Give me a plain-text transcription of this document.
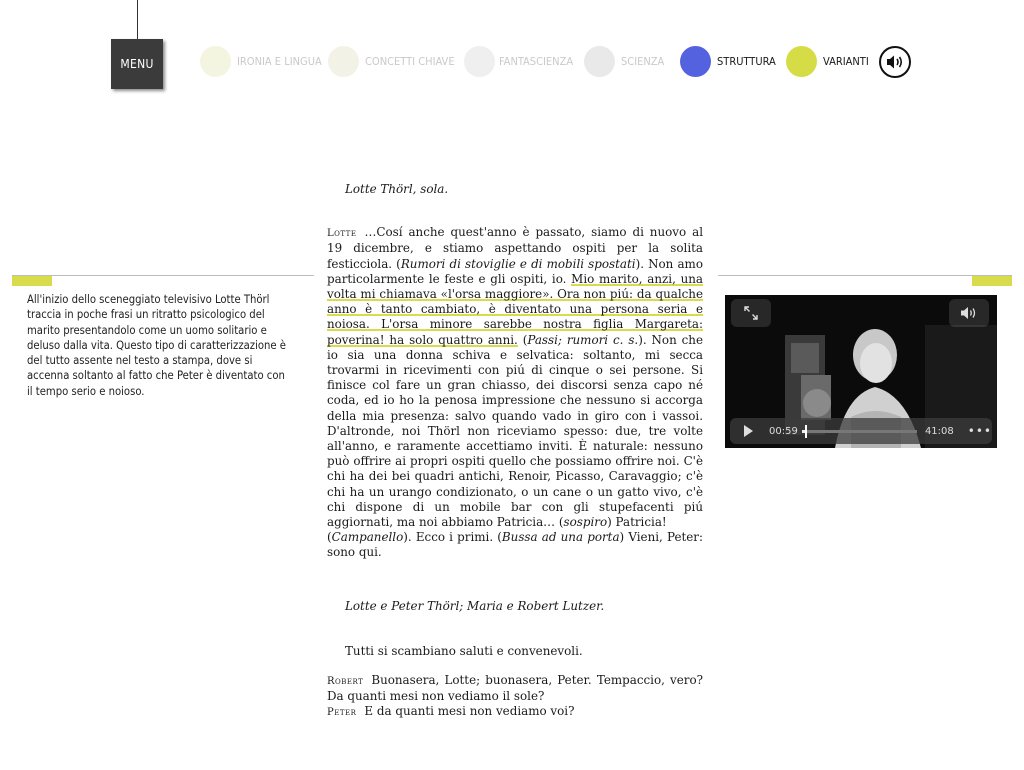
MENU	IRONIA E LINGUA	CONCETTI CHIAVE	FANTASCIENZA	SCIENZA	STRUTTURA	VARIANTI
All'inizio dello sceneggiato televisivo Lotte Thörl traccia in poche frasi un ritratto psicologico del marito presentandolo come un uomo solitario e deluso dalla vita. Questo tipo di caratterizzazione è del tutto assente nel testo a stampa, dove si accenna soltanto al fatto che Peter è diventato con il tempo serio e noioso.
Lotte Thörl, sola.
Lotte …Cosí anche quest'anno è passato, siamo di nuovo al 19 dicembre, e stiamo aspettando ospiti per la solita festicciola. (Rumori di stoviglie e di mobili spostati). Non amo particolarmente le feste e gli ospiti, io. Mio marito, anzi, una volta mi chiamava «l'orsa maggiore». Ora non piú: da qualche anno è tanto cambiato, è diventato una persona seria e noiosa. L'orsa minore sarebbe nostra figlia Margareta: poverina! ha solo quattro anni. (Passi; rumori c. s.). Non che io sia una donna schiva e selvatica: soltanto, mi secca trovarmi in ricevimenti con piú di cinque o sei persone. Si finisce col fare un gran chiasso, dei discorsi senza capo né coda, ed io ho la penosa impressione che nessuno si accorga della mia presenza: salvo quando vado in giro con i vassoi. D'altronde, noi Thörl non riceviamo spesso: due, tre volte all'anno, e raramente accettiamo inviti. È naturale: nessuno può offrire ai propri ospiti quello che possiamo offrire noi. C'è chi ha dei bei quadri antichi, Renoir, Picasso, Caravaggio; c'è chi ha un urango condizionato, o un cane o un gatto vivo, c'è chi dispone di un mobile bar con gli stupefacenti piú aggiornati, ma noi abbiamo Patricia… (sospiro) Patricia!
(Campanello). Ecco i primi. (Bussa ad una porta) Vieni, Peter: sono qui.
Lotte e Peter Thörl; Maria e Robert Lutzer.
Tutti si scambiano saluti e convenevoli.
Robert Buonasera, Lotte; buonasera, Peter. Tempaccio, vero? Da quanti mesi non vediamo il sole?
Peter E da quanti mesi non vediamo voi?
00:59	41:08 •••
